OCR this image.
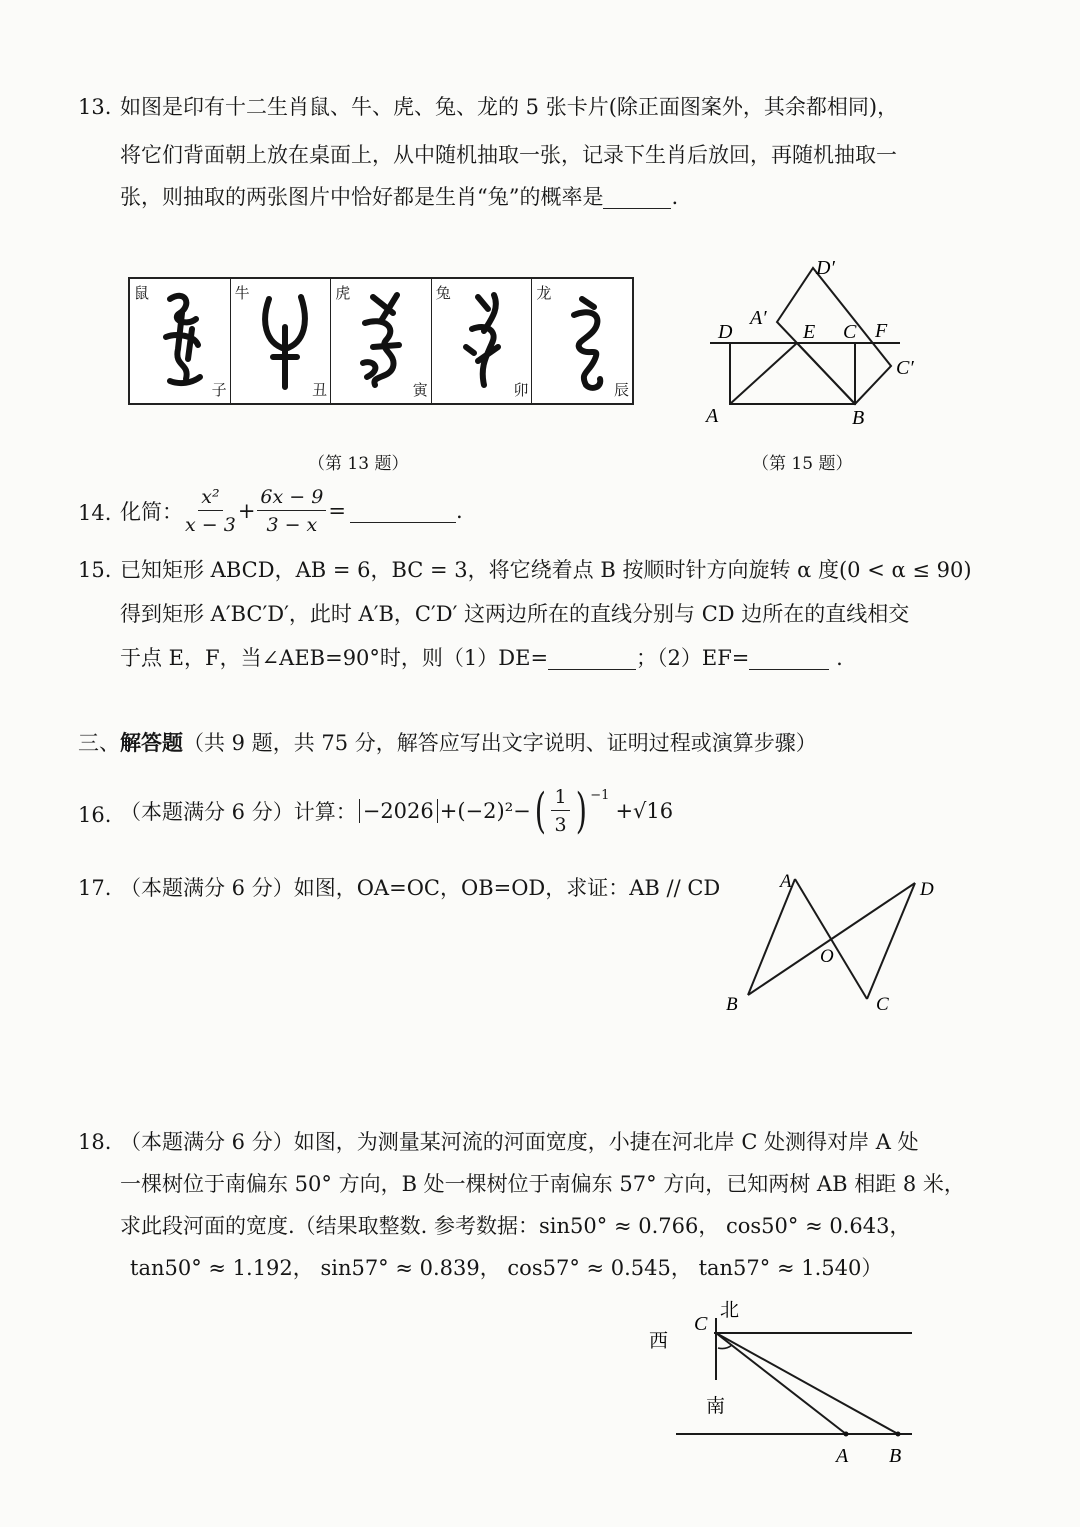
13. 如图是印有十二生肖鼠、牛、虎、兔、龙的 5 张卡片(除正面图案外，其余都相同)，
将它们背面朝上放在桌面上，从中随机抽取一张，记录下生肖后放回，再随机抽取一
张，则抽取的两张图片中恰好都是生肖“兔”的概率是	.
鼠
子
牛
丑
虎
寅
兔
卯
龙
辰
（第 13 题）
D′
A′
D	E C F
C′
A	B
（第 15 题）
14. 化简： $\frac{\text{x²}}{x - 3} + \frac{6x - 9}{3 - x}$ =	.
15. 已知矩形 ABCD，AB = 6，BC = 3，将它绕着点 B 按顺时针方向旋转 α 度(0 < α ≤ 90)
得到矩形 A′BC′D′，此时 A′B，C′D′ 这两边所在的直线分别与 CD 边所在的直线相交
于点 E，F，当∠AEB=90°时，则（1）DE=	；（2）EF=	.
三、解答题（共 9 题，共 75 分，解答应写出文字说明、证明过程或演算步骤）
16. （本题满分 6 分）计算： −2026 +(−2)²− ( $\frac{1}{3}$ ) $^{-1}$
+√16
17. （本题满分 6 分）如图，OA=OC，OB=OD，求证：AB // CD	A	D
O
B	C
18. （本题满分 6 分）如图，为测量某河流的河面宽度，小捷在河北岸 C 处测得对岸 A 处
一棵树位于南偏东 50° 方向，B 处一棵树位于南偏东 57° 方向，已知两树 AB 相距 8 米，
求此段河面的宽度.（结果取整数. 参考数据：sin50° ≈ 0.766， cos50° ≈ 0.643，
tan50° ≈ 1.192， sin57° ≈ 0.839， cos57° ≈ 0.545， tan57° ≈ 1.540）
北
C
西
南
A B
